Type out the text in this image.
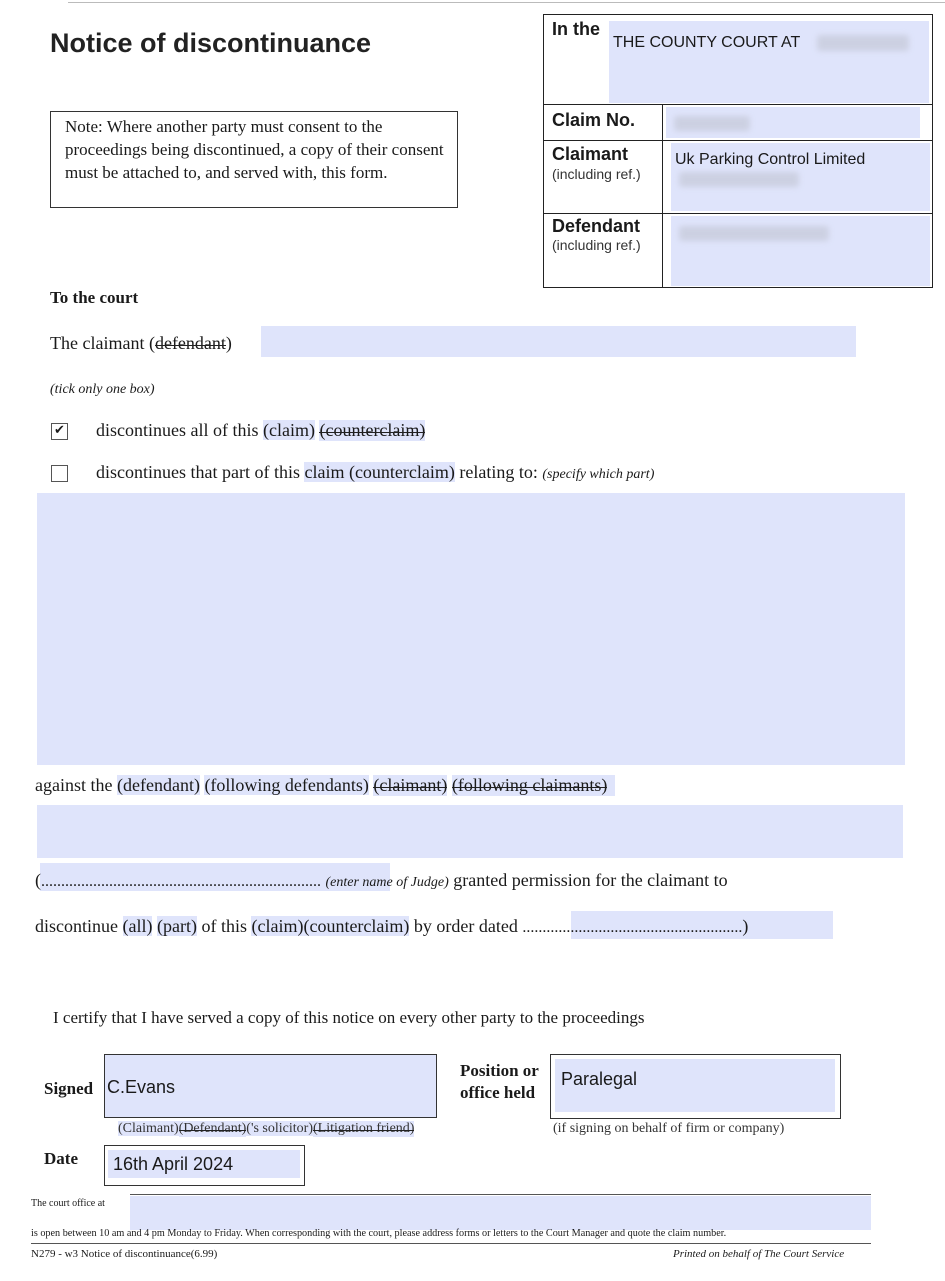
Notice of discontinuance
Note: Where another party must consent to the proceedings being discontinued, a copy of their consent must be attached to, and served with, this form.
In the
THE COUNTY COURT AT
Claim No.
Claimant
(including ref.)
Uk Parking Control Limited
Defendant
(including ref.)
To the court
The claimant (defendant)
(tick only one box)
✔ discontinues all of this (claim) (counterclaim)
discontinues that part of this claim (counterclaim) relating to: (specify which part)
against the (defendant) (following defendants) (claimant) (following claimants)
(...................................................................... (enter name of Judge) granted permission for the claimant to
discontinue (all) (part) of this (claim)(counterclaim) by order dated .......................................................)
I certify that I have served a copy of this notice on every other party to the proceedings
Signed C.Evans
(Claimant)(Defendant)('s solicitor)(Litigation friend)
Position or office held
Paralegal
(if signing on behalf of firm or company)
Date 16th April 2024
The court office at
is open between 10 am and 4 pm Monday to Friday. When corresponding with the court, please address forms or letters to the Court Manager and quote the claim number.
N279 - w3 Notice of discontinuance(6.99)	Printed on behalf of The Court Service
